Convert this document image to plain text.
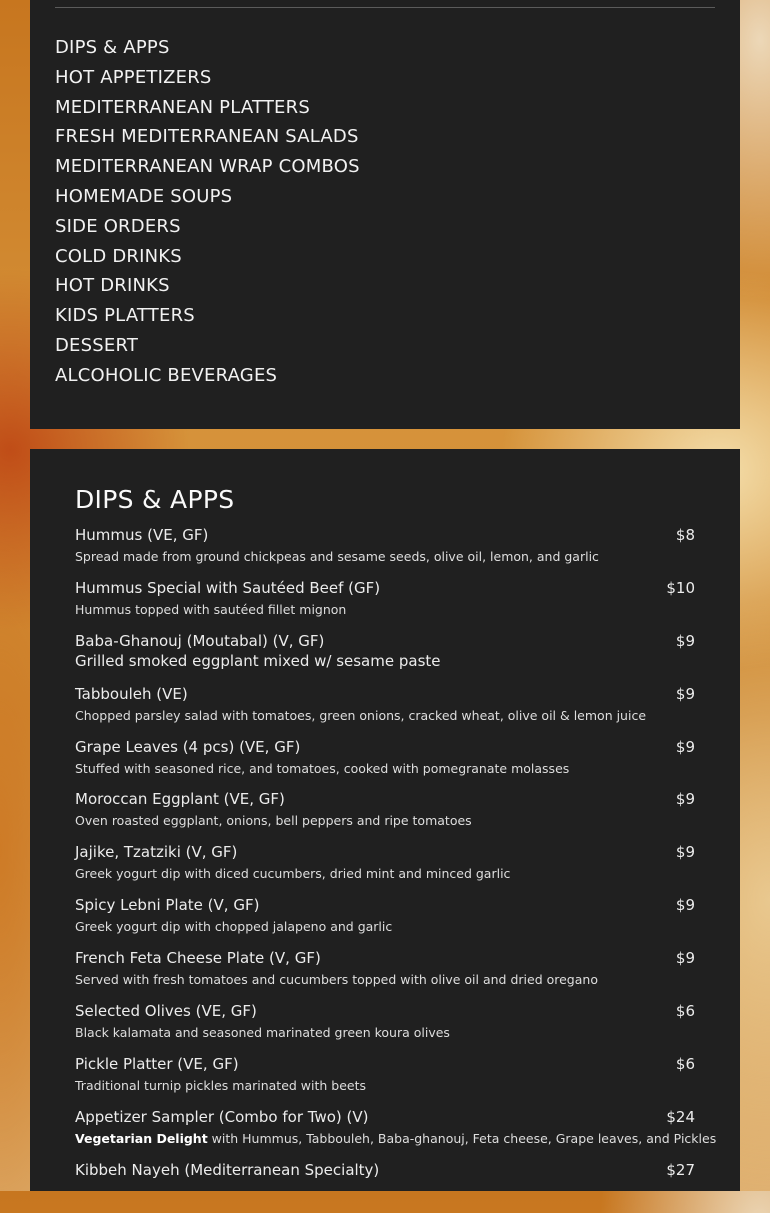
DIPS & APPS
HOT APPETIZERS
MEDITERRANEAN PLATTERS
FRESH MEDITERRANEAN SALADS
MEDITERRANEAN WRAP COMBOS
HOMEMADE SOUPS
SIDE ORDERS
COLD DRINKS
HOT DRINKS
KIDS PLATTERS
DESSERT
ALCOHOLIC BEVERAGES
DIPS & APPS
Hummus (VE, GF)	$8
Spread made from ground chickpeas and sesame seeds, olive oil, lemon, and garlic
Hummus Special with Sautéed Beef (GF)	$10
Hummus topped with sautéed fillet mignon
Baba-Ghanouj (Moutabal) (V, GF)	$9
Grilled smoked eggplant mixed w/ sesame paste
Tabbouleh (VE)	$9
Chopped parsley salad with tomatoes, green onions, cracked wheat, olive oil & lemon juice
Grape Leaves (4 pcs) (VE, GF)	$9
Stuffed with seasoned rice, and tomatoes, cooked with pomegranate molasses
Moroccan Eggplant (VE, GF)	$9
Oven roasted eggplant, onions, bell peppers and ripe tomatoes
Jajike, Tzatziki (V, GF)	$9
Greek yogurt dip with diced cucumbers, dried mint and minced garlic
Spicy Lebni Plate (V, GF)	$9
Greek yogurt dip with chopped jalapeno and garlic
French Feta Cheese Plate (V, GF)	$9
Served with fresh tomatoes and cucumbers topped with olive oil and dried oregano
Selected Olives (VE, GF)	$6
Black kalamata and seasoned marinated green koura olives
Pickle Platter (VE, GF)	$6
Traditional turnip pickles marinated with beets
Appetizer Sampler (Combo for Two) (V)	$24
Vegetarian Delight with Hummus, Tabbouleh, Baba-ghanouj, Feta cheese, Grape leaves, and Pickles
Kibbeh Nayeh (Mediterranean Specialty)	$27
